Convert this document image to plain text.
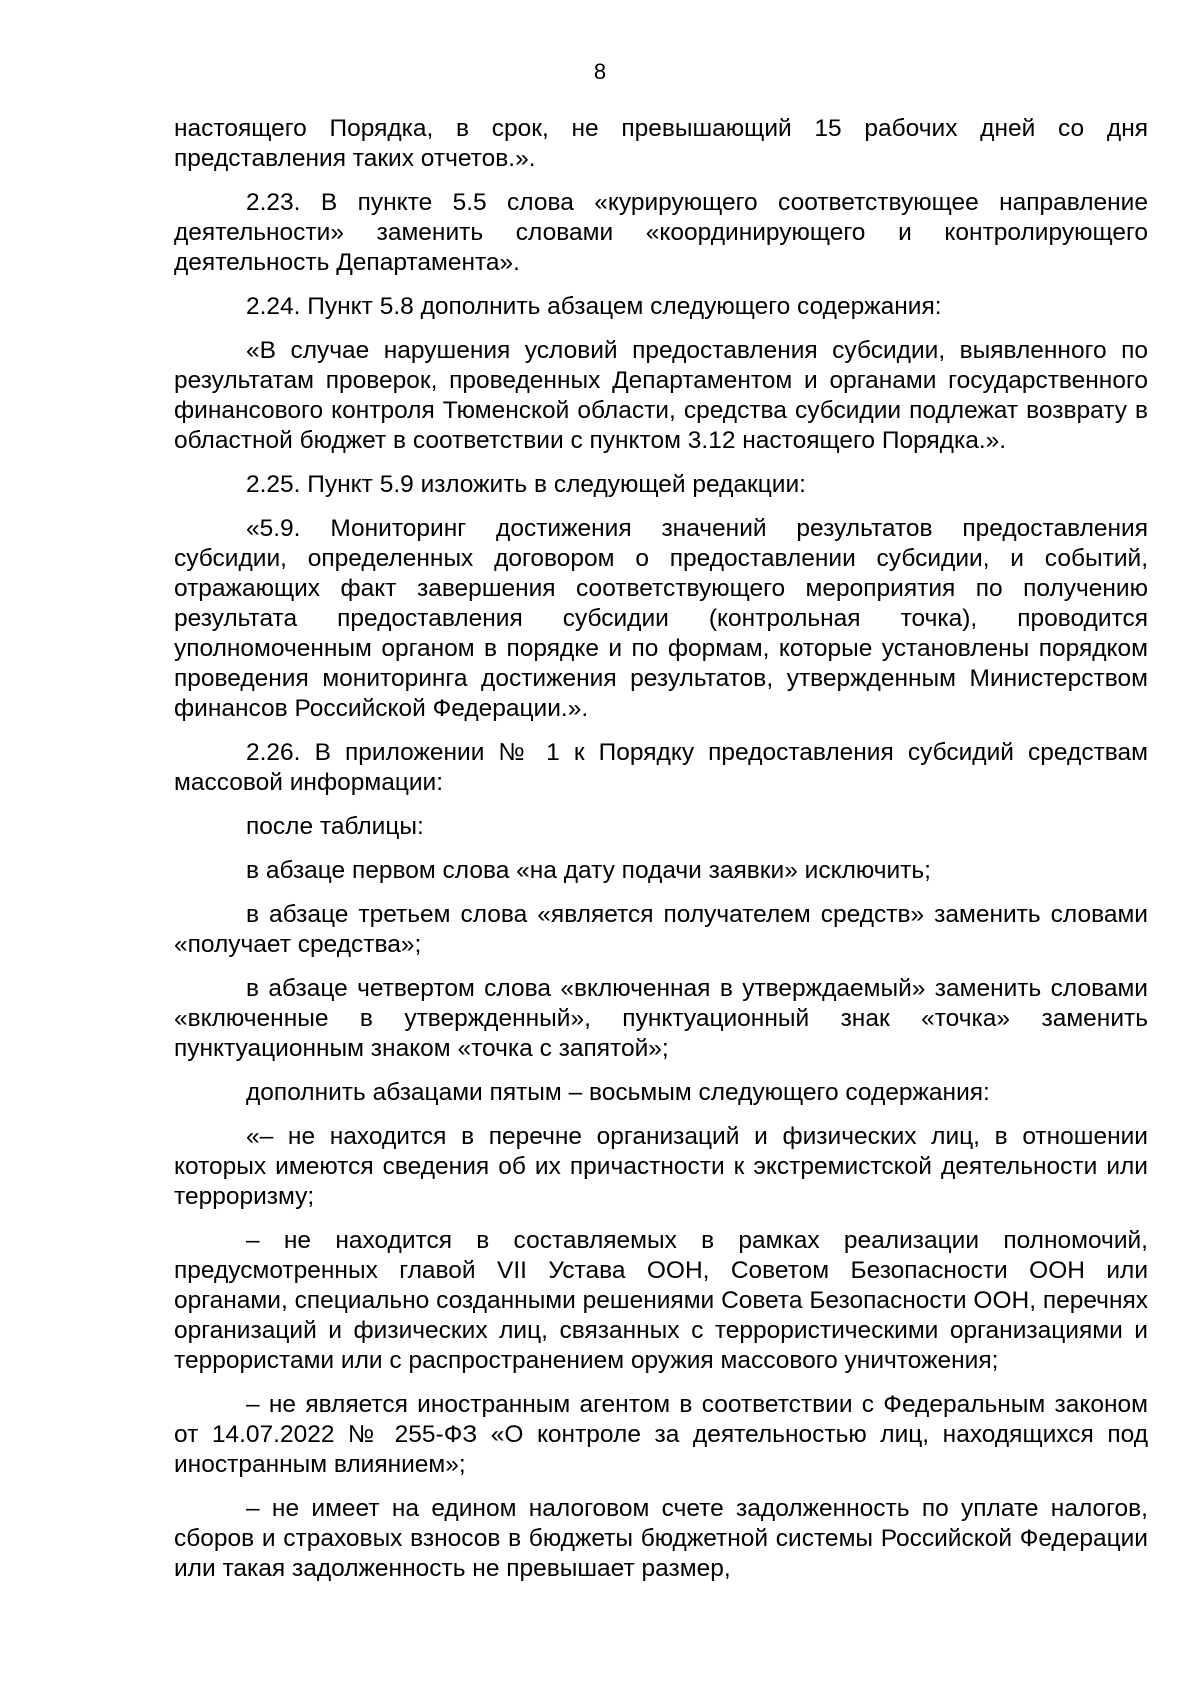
8

настоящего Порядка, в срок, не превышающий 15 рабочих дней со дня представления таких отчетов.».

2.23. В пункте 5.5 слова «курирующего соответствующее направление деятельности» заменить словами «координирующего и контролирующего деятельность Департамента».

2.24. Пункт 5.8 дополнить абзацем следующего содержания:

«В случае нарушения условий предоставления субсидии, выявленного по результатам проверок, проведенных Департаментом и органами государственного финансового контроля Тюменской области, средства субсидии подлежат возврату в областной бюджет в соответствии с пунктом 3.12 настоящего Порядка.».

2.25. Пункт 5.9 изложить в следующей редакции:

«5.9. Мониторинг достижения значений результатов предоставления субсидии, определенных договором о предоставлении субсидии, и событий, отражающих факт завершения соответствующего мероприятия по получению результата предоставления субсидии (контрольная точка), проводится уполномоченным органом в порядке и по формам, которые установлены порядком проведения мониторинга достижения результатов, утвержденным Министерством финансов Российской Федерации.».

2.26. В приложении № 1 к Порядку предоставления субсидий средствам массовой информации:

после таблицы:

в абзаце первом слова «на дату подачи заявки» исключить;

в абзаце третьем слова «является получателем средств» заменить словами «получает средства»;

в абзаце четвертом слова «включенная в утверждаемый» заменить словами «включенные в утвержденный», пунктуационный знак «точка» заменить пунктуационным знаком «точка с запятой»;

дополнить абзацами пятым – восьмым следующего содержания:

«– не находится в перечне организаций и физических лиц, в отношении которых имеются сведения об их причастности к экстремистской деятельности или терроризму;

– не находится в составляемых в рамках реализации полномочий, предусмотренных главой VII Устава ООН, Советом Безопасности ООН или органами, специально созданными решениями Совета Безопасности ООН, перечнях организаций и физических лиц, связанных с террористическими организациями и террористами или с распространением оружия массового уничтожения;

– не является иностранным агентом в соответствии с Федеральным законом от 14.07.2022 № 255-ФЗ «О контроле за деятельностью лиц, находящихся под иностранным влиянием»;

– не имеет на едином налоговом счете задолженность по уплате налогов, сборов и страховых взносов в бюджеты бюджетной системы Российской Федерации или такая задолженность не превышает размер,
